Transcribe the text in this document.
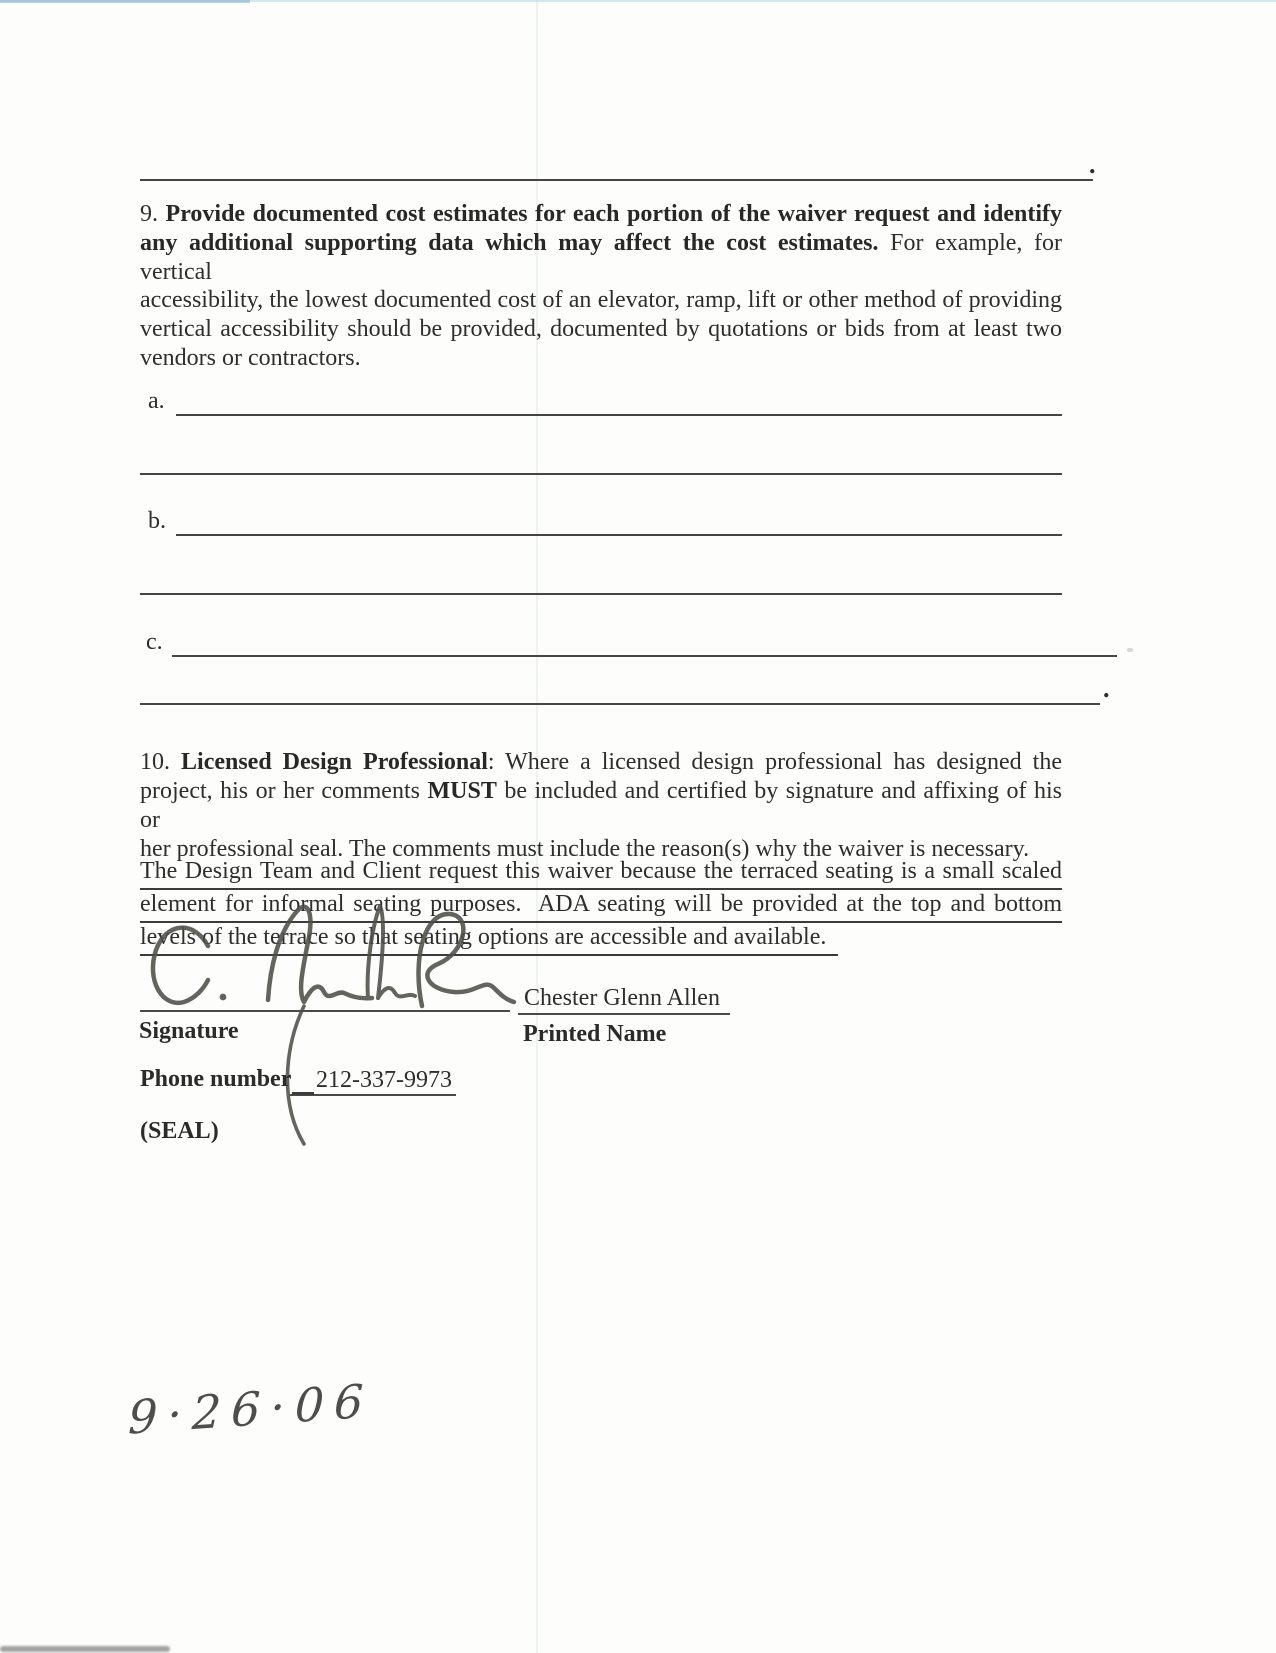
.
9. Provide documented cost estimates for each portion of the waiver request and identify
any additional supporting data which may affect the cost estimates. For example, for vertical
accessibility, the lowest documented cost of an elevator, ramp, lift or other method of providing
vertical accessibility should be provided, documented by quotations or bids from at least two
vendors or contractors.
a.
b.
c.
.
10. Licensed Design Professional: Where a licensed design professional has designed the
project, his or her comments MUST be included and certified by signature and affixing of his or
her professional seal. The comments must include the reason(s) why the waiver is necessary.
The Design Team and Client request this waiver because the terraced seating is a small scaled
element for informal seating purposes.  ADA seating will be provided at the top and bottom
levels of the terrace so that seating options are accessible and available.
Chester Glenn Allen
Signature	Printed Name
Phone number 212-337-9973
(SEAL)
9·26·06
